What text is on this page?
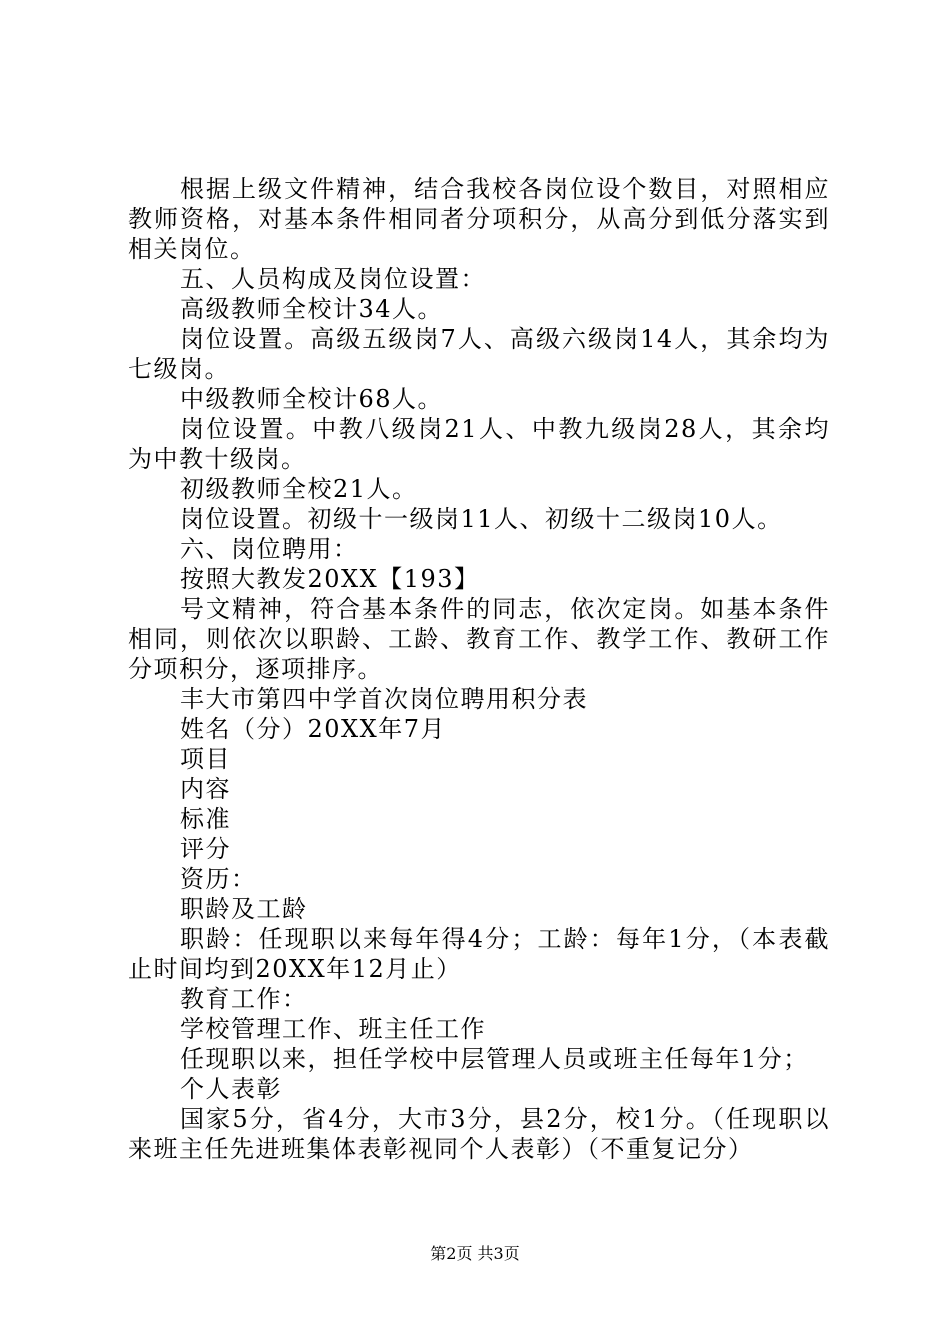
根据上级文件精神，结合我校各岗位设个数目，对照相应教师资格，对基本条件相同者分项积分，从高分到低分落实到相关岗位。

五、人员构成及岗位设置：

高级教师全校计34人。

岗位设置。高级五级岗7人、高级六级岗14人，其余均为七级岗。

中级教师全校计68人。

岗位设置。中教八级岗21人、中教九级岗28人，其余均为中教十级岗。

初级教师全校21人。

岗位设置。初级十一级岗11人、初级十二级岗10人。

六、岗位聘用：

按照大教发20XX【193】

号文精神，符合基本条件的同志，依次定岗。如基本条件相同，则依次以职龄、工龄、教育工作、教学工作、教研工作分项积分，逐项排序。

丰大市第四中学首次岗位聘用积分表

姓名（分）20XX年7月

项目

内容

标准

评分

资历：

职龄及工龄

职龄：任现职以来每年得4分；工龄：每年1分，（本表截止时间均到20XX年12月止）

教育工作：

学校管理工作、班主任工作

任现职以来，担任学校中层管理人员或班主任每年1分；

个人表彰

国家5分，省4分，大市3分，县2分，校1分。（任现职以来班主任先进班集体表彰视同个人表彰）（不重复记分）

第2页 共3页
